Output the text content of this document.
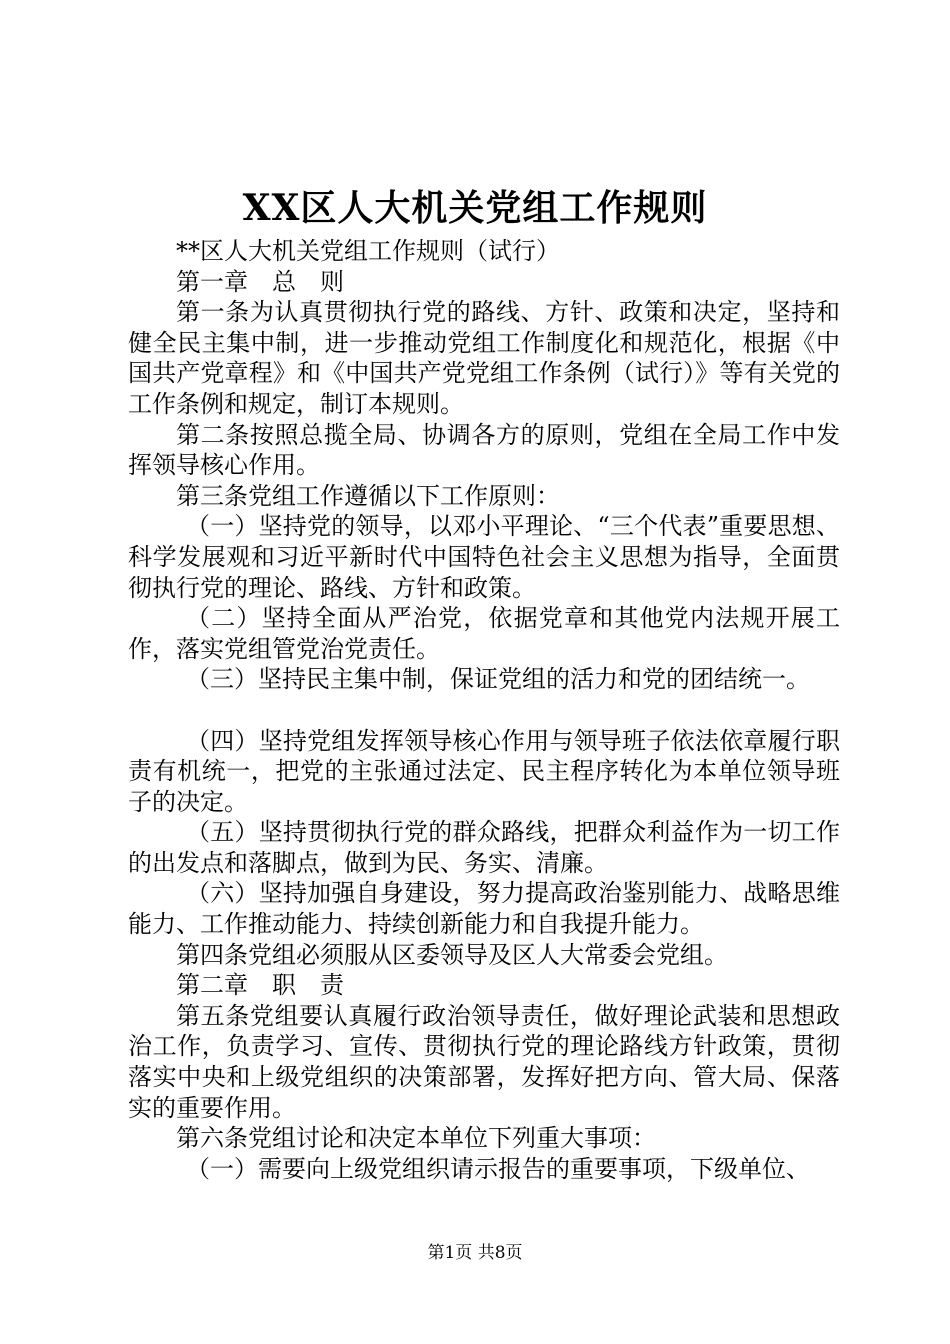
XX区人大机关党组工作规则

**区人大机关党组工作规则（试行）

第一章　总　则

第一条为认真贯彻执行党的路线、方针、政策和决定，坚持和健全民主集中制，进一步推动党组工作制度化和规范化，根据《中国共产党章程》和《中国共产党党组工作条例（试行）》等有关党的工作条例和规定，制订本规则。

第二条按照总揽全局、协调各方的原则，党组在全局工作中发挥领导核心作用。

第三条党组工作遵循以下工作原则：

（一）坚持党的领导，以邓小平理论、“三个代表”重要思想、科学发展观和习近平新时代中国特色社会主义思想为指导，全面贯彻执行党的理论、路线、方针和政策。

（二）坚持全面从严治党，依据党章和其他党内法规开展工作，落实党组管党治党责任。

（三）坚持民主集中制，保证党组的活力和党的团结统一。

（四）坚持党组发挥领导核心作用与领导班子依法依章履行职责有机统一，把党的主张通过法定、民主程序转化为本单位领导班子的决定。

（五）坚持贯彻执行党的群众路线，把群众利益作为一切工作的出发点和落脚点，做到为民、务实、清廉。

（六）坚持加强自身建设，努力提高政治鉴别能力、战略思维能力、工作推动能力、持续创新能力和自我提升能力。

第四条党组必须服从区委领导及区人大常委会党组。

第二章　职　责

第五条党组要认真履行政治领导责任，做好理论武装和思想政治工作，负责学习、宣传、贯彻执行党的理论路线方针政策，贯彻落实中央和上级党组织的决策部署，发挥好把方向、管大局、保落实的重要作用。

第六条党组讨论和决定本单位下列重大事项：

（一）需要向上级党组织请示报告的重要事项，下级单位、

第1页 共8页
